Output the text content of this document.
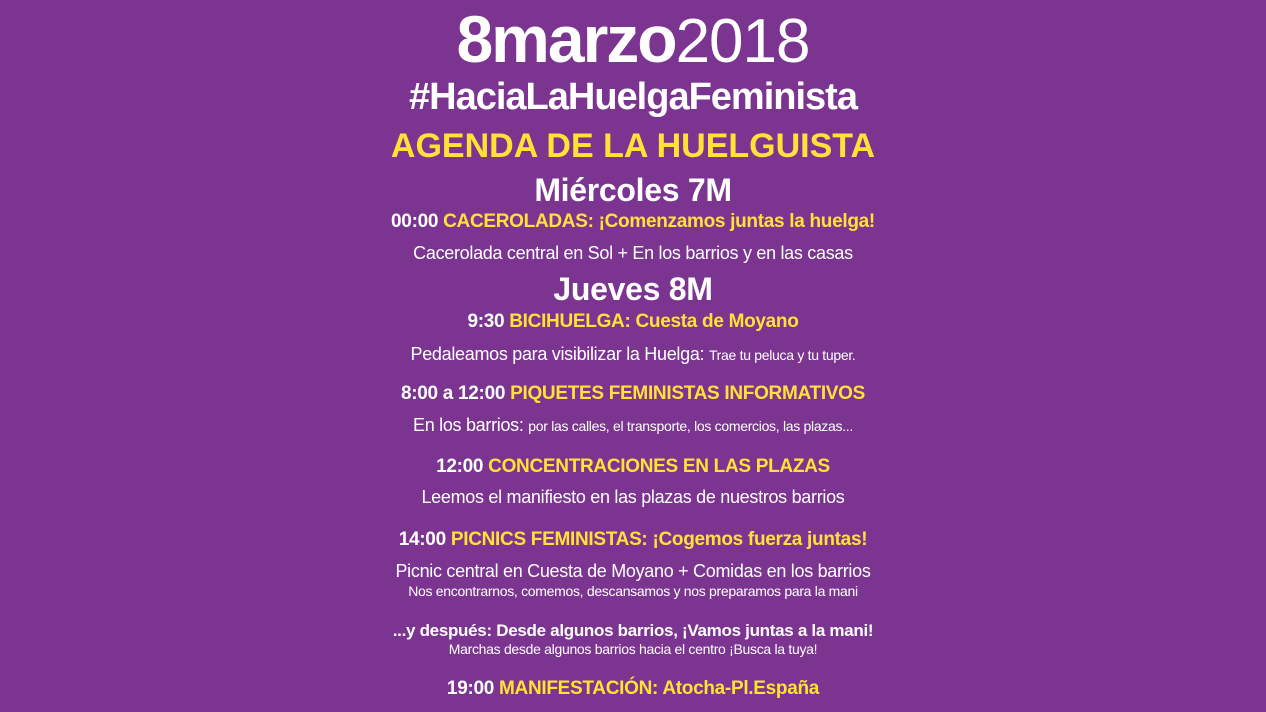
8marzo2018
#HaciaLaHuelgaFeminista
AGENDA DE LA HUELGUISTA
Miércoles 7M
00:00 CACEROLADAS: ¡Comenzamos juntas la huelga!
Cacerolada central en Sol + En los barrios y en las casas
Jueves 8M
9:30 BICIHUELGA: Cuesta de Moyano
Pedaleamos para visibilizar la Huelga: Trae tu peluca y tu tuper.
8:00 a 12:00 PIQUETES FEMINISTAS INFORMATIVOS
En los barrios: por las calles, el transporte, los comercios, las plazas...
12:00 CONCENTRACIONES EN LAS PLAZAS
Leemos el manifiesto en las plazas de nuestros barrios
14:00 PICNICS FEMINISTAS: ¡Cogemos fuerza juntas!
Picnic central en Cuesta de Moyano + Comidas en los barrios
Nos encontrarnos, comemos, descansamos y nos preparamos para la mani
...y después: Desde algunos barrios, ¡Vamos juntas a la mani!
Marchas desde algunos barrios hacia el centro ¡Busca la tuya!
19:00 MANIFESTACIÓN: Atocha-Pl.España
